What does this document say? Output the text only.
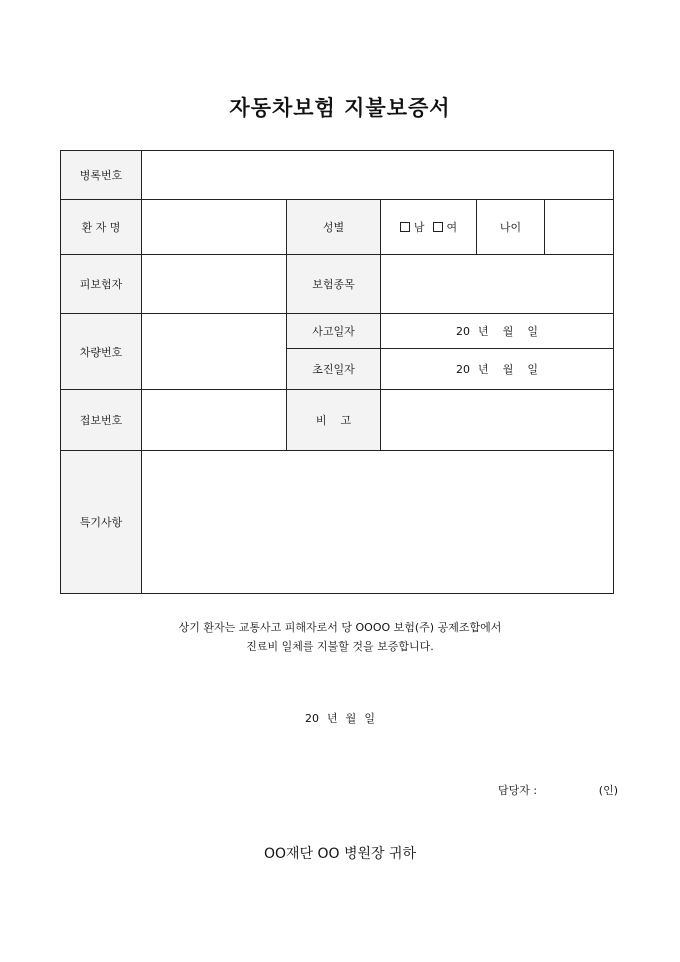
자동차보험 지불보증서
병록번호					
환 자 명		성별	남 여	나이	
피보험자		보험종목			
차량번호		사고일자	20 년 월 일		
		초진일자	20 년 월 일		
접보번호		비    고			
특기사항					
상기 환자는 교통사고 피해자로서 당 OOOO 보험(주) 공제조합에서
진료비 일체를 지불할 것을 보증합니다.
20 년 월 일
담당자 :	(인)
OO재단 OO 병원장 귀하
